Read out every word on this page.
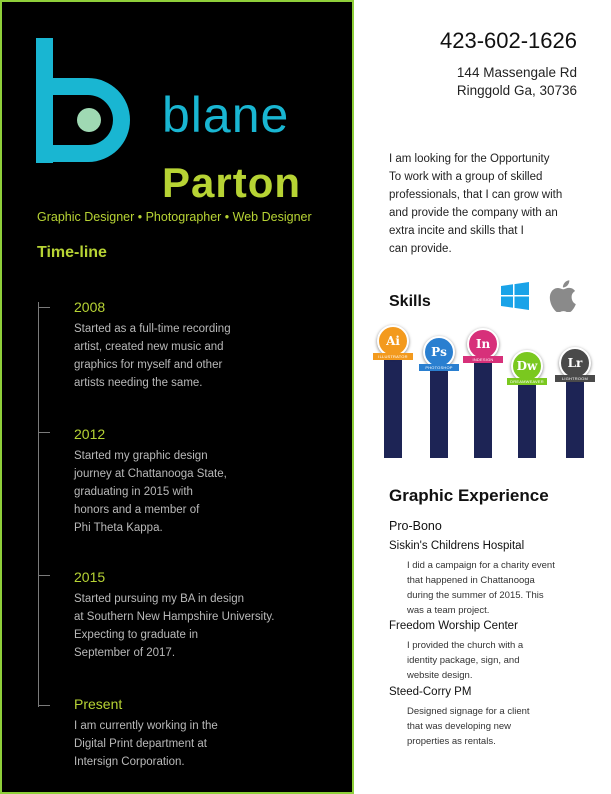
blane
Parton
Graphic Designer • Photographer • Web Designer
Time-line
2008
Started as a full-time recording
artist, created new music and
graphics for myself and other
artists needing the same.
2012
Started my graphic design
journey at Chattanooga State,
graduating in 2015 with
honors and a member of
Phi Theta Kappa.
2015
Started pursuing my BA in design
at Southern New Hampshire University.
Expecting to graduate in
September of 2017.
Present
I am currently working in the
Digital Print department at
Intersign Corporation.
423-602-1626
144 Massengale Rd
Ringgold Ga, 30736
I am looking for the Opportunity
To work with a group of skilled
professionals, that I can grow with
and provide the company with an
extra incite and skills that I
can provide.
Skills
Ai
ILLUSTRATOR	Ps
PHOTOSHOP
In
INDESIGN	Dw
DREAMWEAVER
Lr
LIGHTROOM
Graphic Experience
Pro-Bono
Siskin's Childrens Hospital
I did a campaign for a charity event
that happened in Chattanooga
during the summer of 2015. This
was a team project.
Freedom Worship Center
I provided the church with a
identity package, sign, and
website design.
Steed-Corry PM
Designed signage for a client
that was developing new
properties as rentals.
